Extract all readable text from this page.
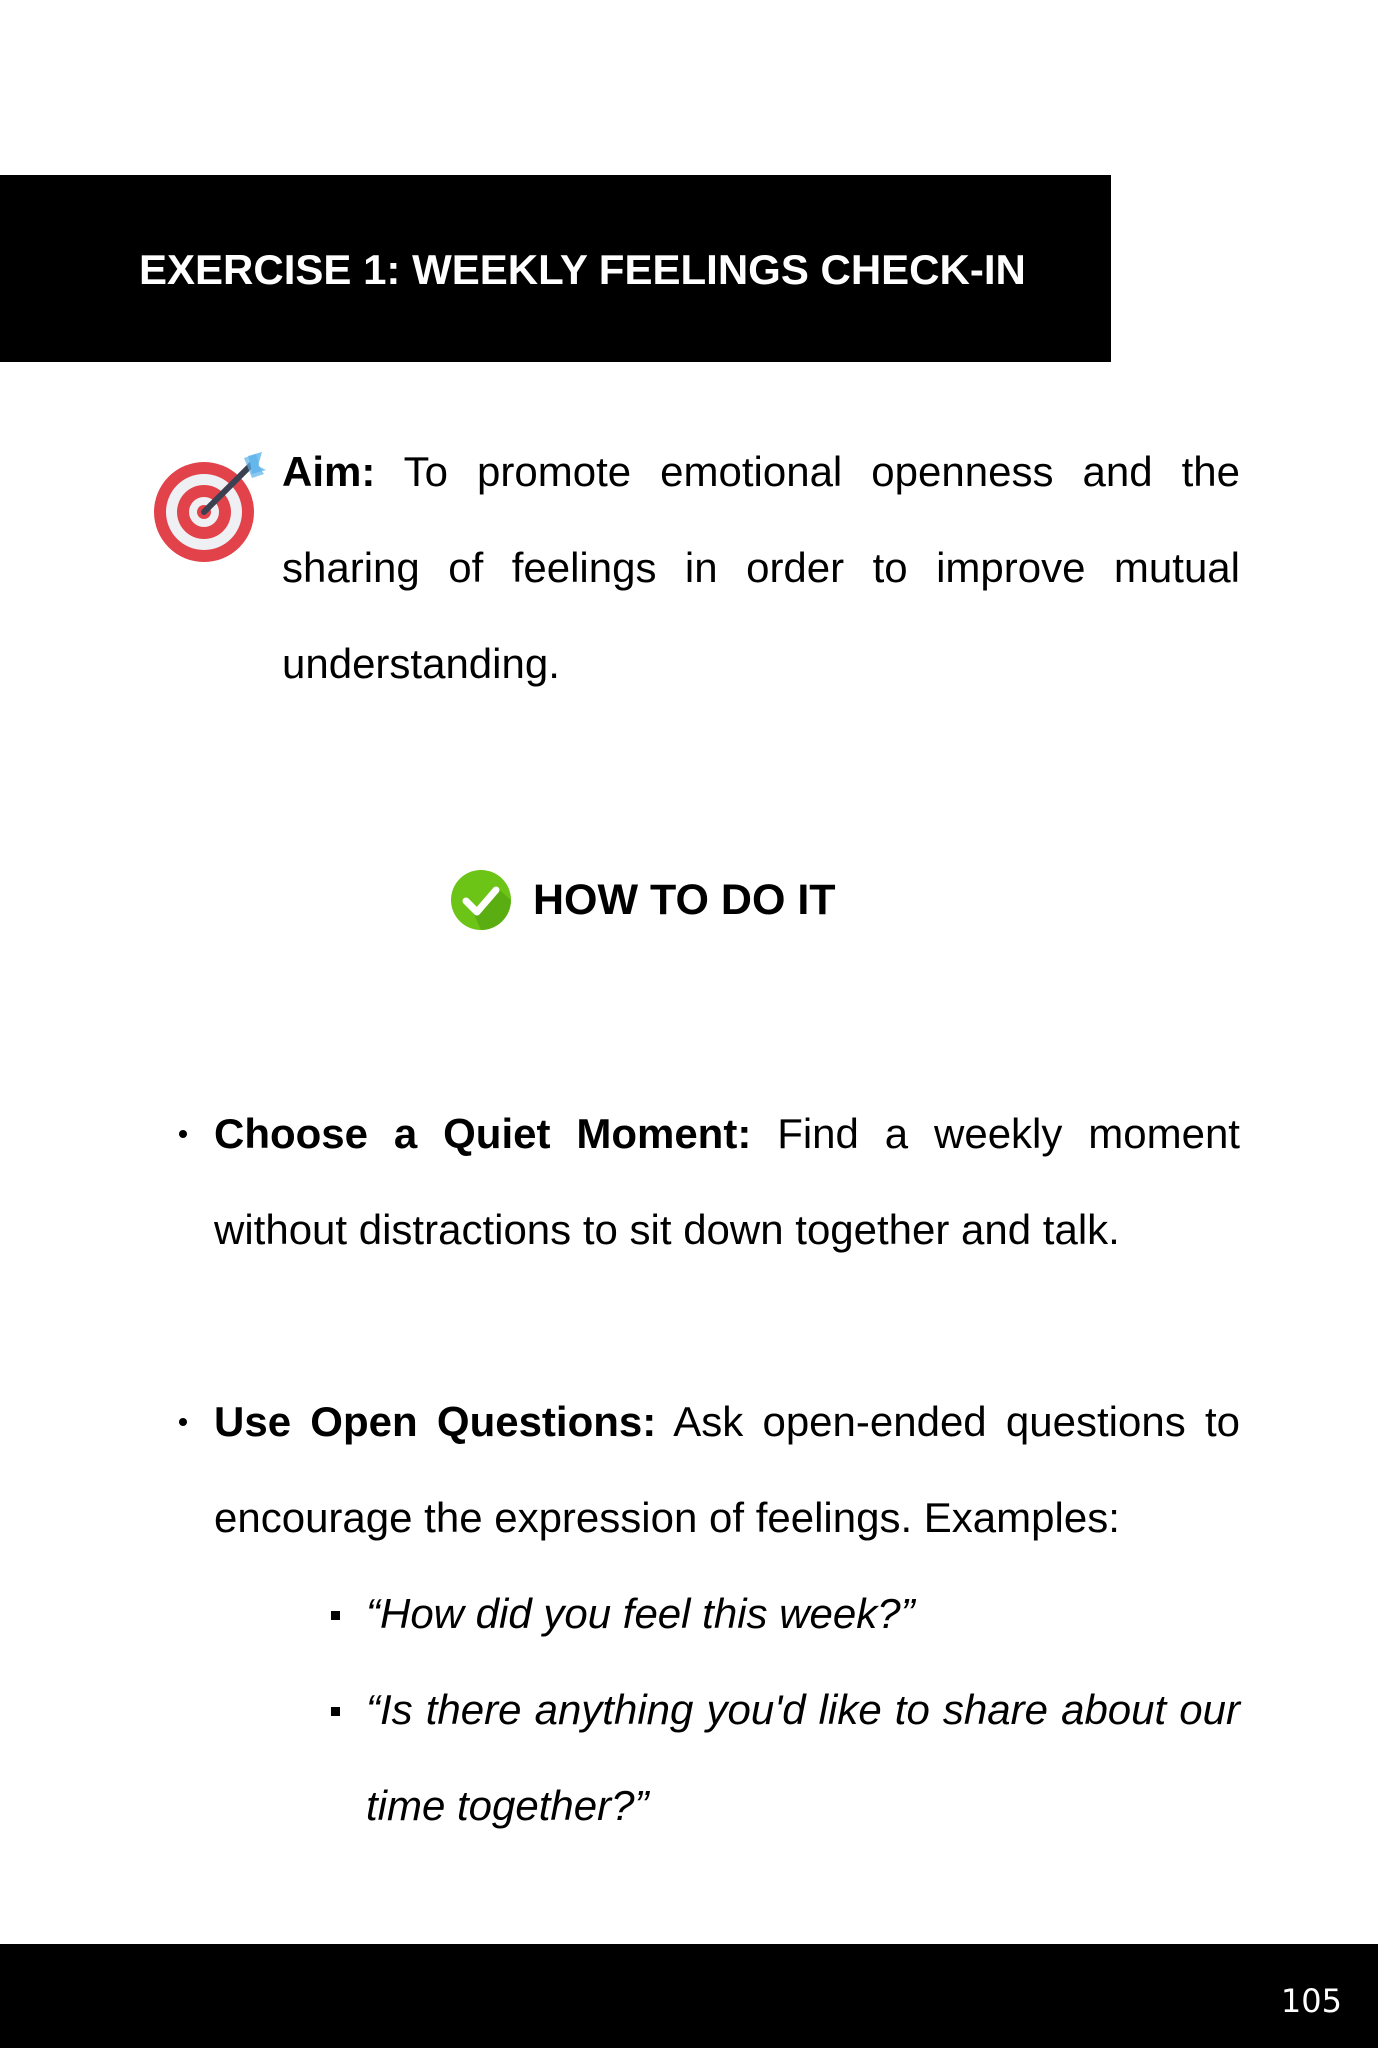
EXERCISE 1: WEEKLY FEELINGS CHECK-IN

Aim: To promote emotional openness and the sharing of feelings in order to improve mutual understanding.

HOW TO DO IT

Choose a Quiet Moment: Find a weekly moment without distractions to sit down together and talk.

Use Open Questions: Ask open-ended questions to encourage the expression of feelings. Examples:

“How did you feel this week?”

“Is there anything you'd like to share about our time together?”

105
